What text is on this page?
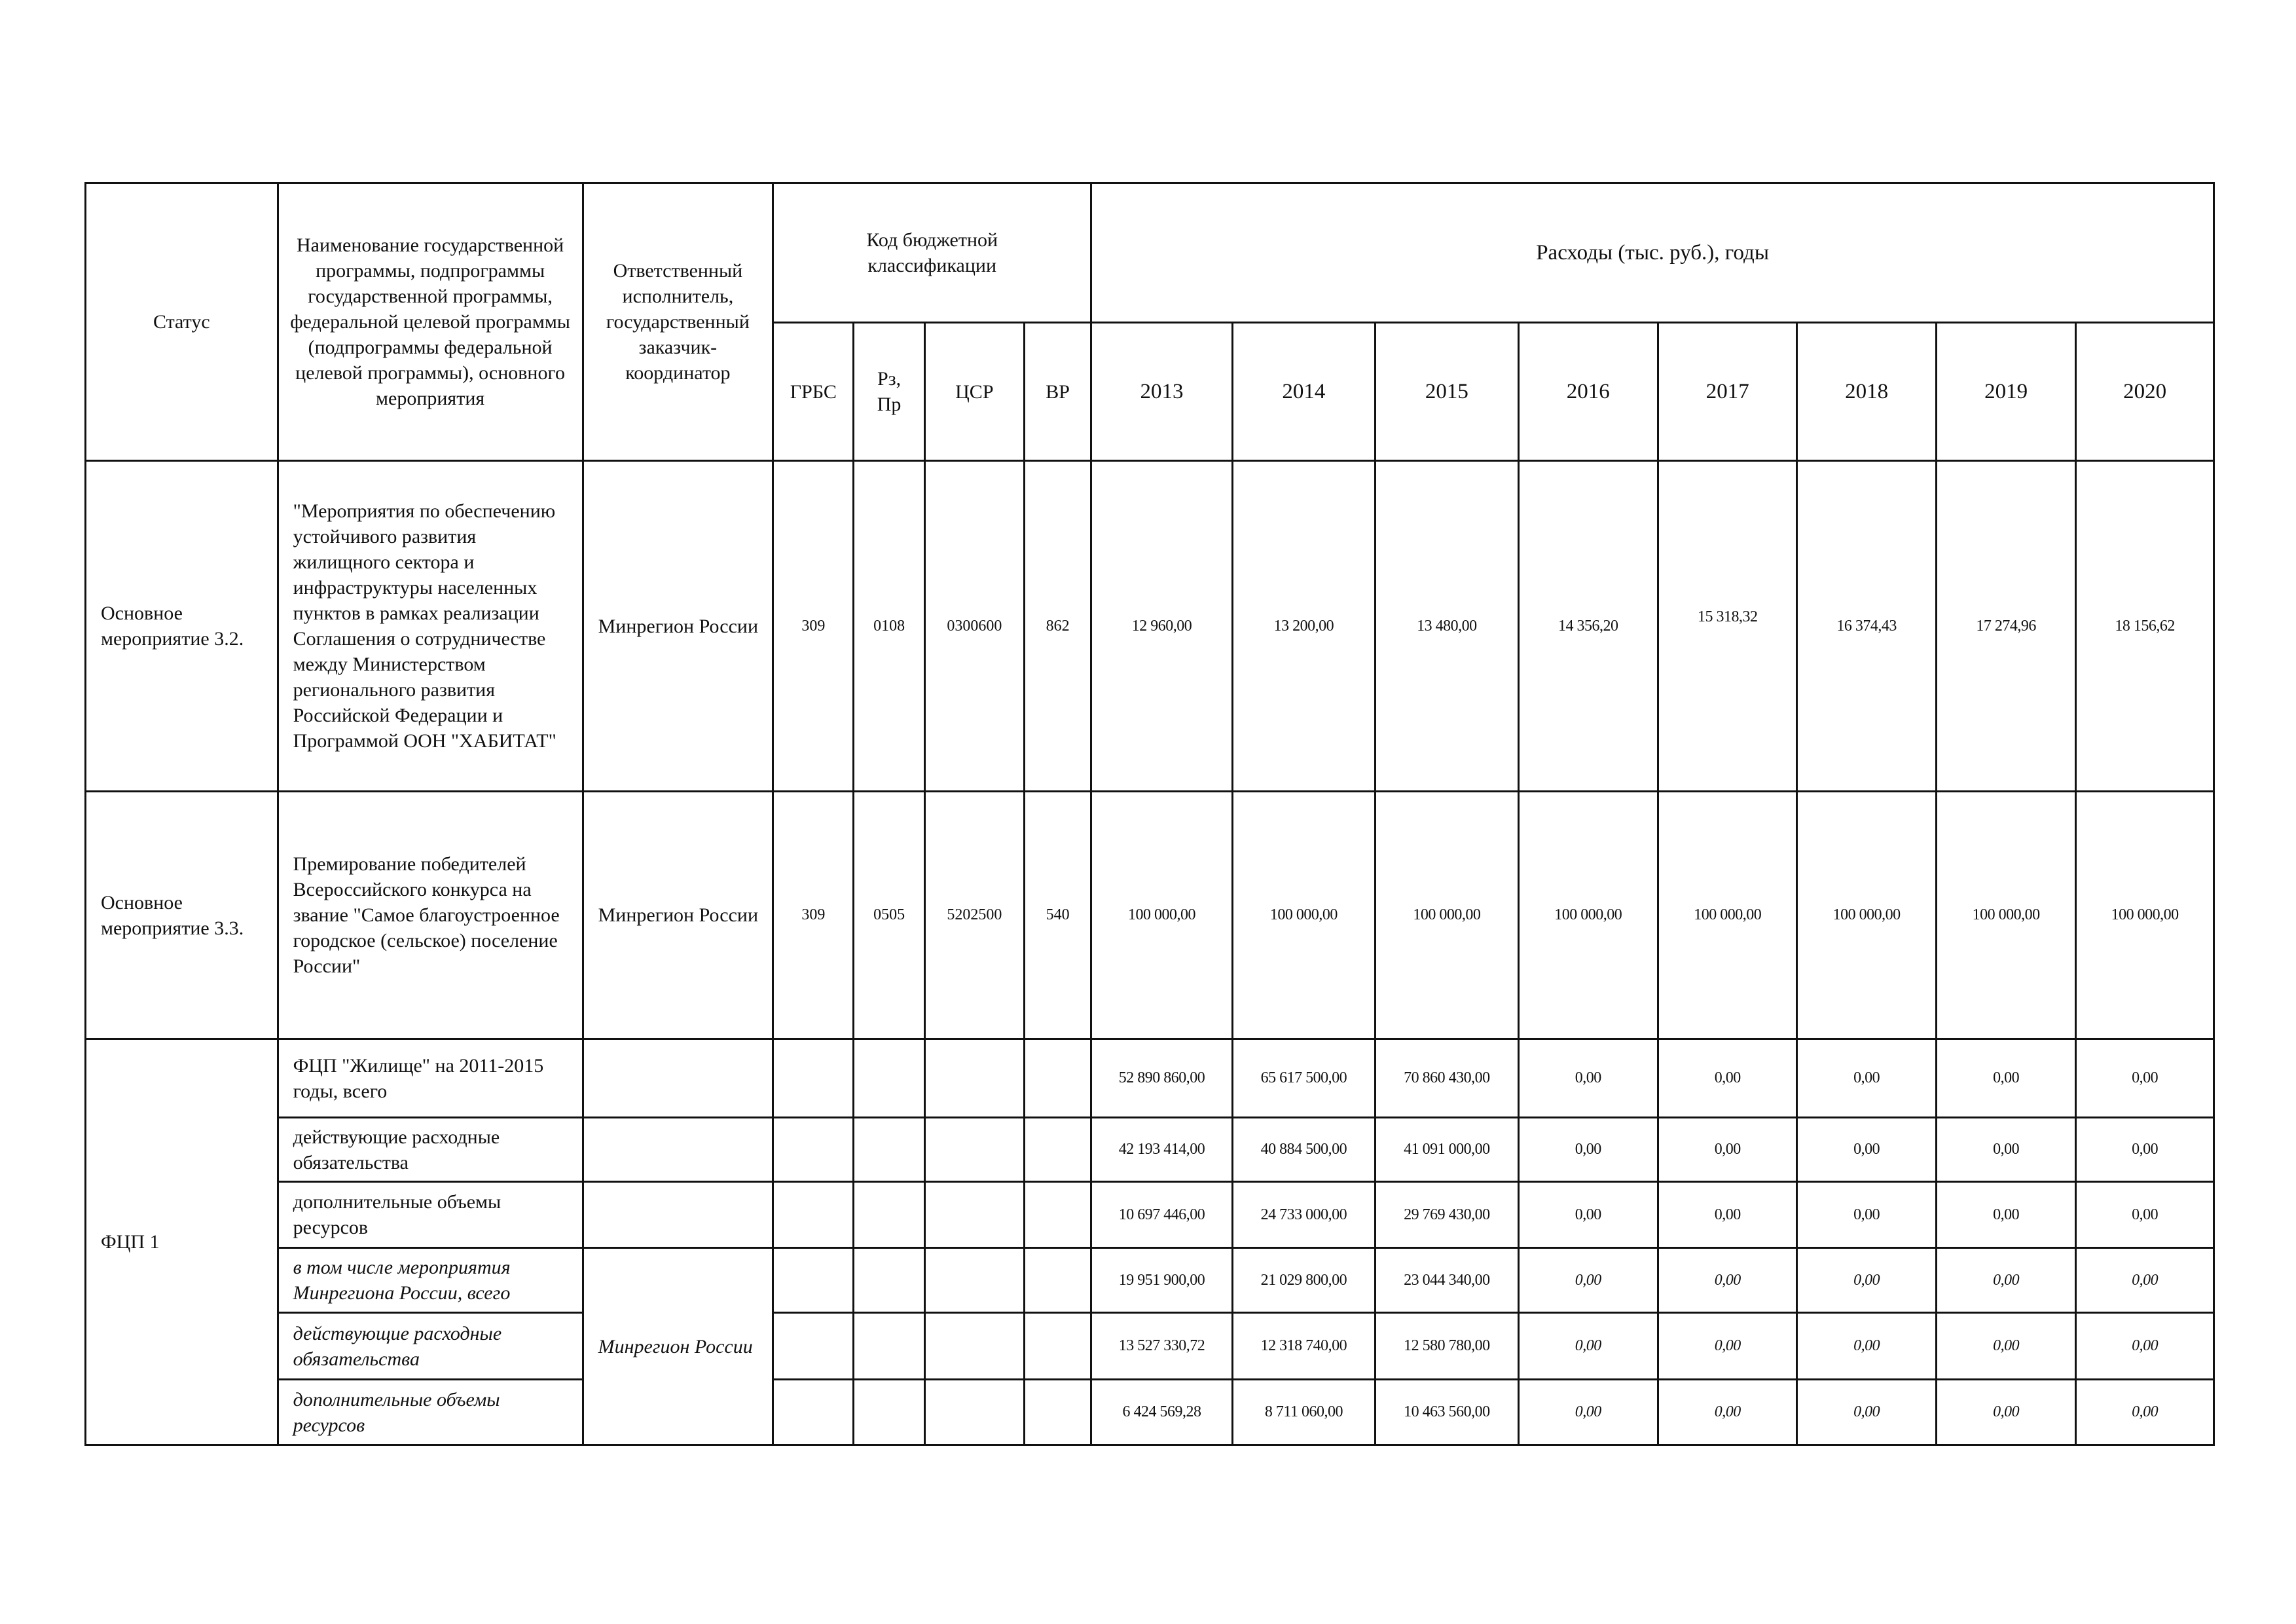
Статус	Наименование государственной программы, подпрограммы государственной программы, федеральной целевой программы (подпрограммы федеральной целевой программы), основного мероприятия	Ответственный исполнитель, государственный заказчик-координатор	Код бюджетной классификации				Расходы (тыс. руб.), годы							
			ГРБС	Рз, Пр	ЦСР	ВР	2013	2014	2015	2016	2017	2018	2019	2020
Основное мероприятие 3.2.	"Мероприятия по обеспечению устойчивого развития жилищного сектора и инфраструктуры населенных пунктов в рамках реализации Соглашения о сотрудничестве между Министерством регионального развития Российской Федерации и Программой ООН "ХАБИТАТ"	Минрегион России	309	0108	0300600	862	12 960,00	13 200,00	13 480,00	14 356,20	15 318,32	16 374,43	17 274,96	18 156,62
Основное мероприятие 3.3.	Премирование победителей Всероссийского конкурса на звание "Самое благоустроенное городское (сельское) поселение России"	Минрегион России	309	0505	5202500	540	100 000,00	100 000,00	100 000,00	100 000,00	100 000,00	100 000,00	100 000,00	100 000,00
ФЦП 1	ФЦП "Жилище" на 2011-2015 годы, всего						52 890 860,00	65 617 500,00	70 860 430,00	0,00	0,00	0,00	0,00	0,00
	действующие расходные обязательства						42 193 414,00	40 884 500,00	41 091 000,00	0,00	0,00	0,00	0,00	0,00
	дополнительные объемы ресурсов						10 697 446,00	24 733 000,00	29 769 430,00	0,00	0,00	0,00	0,00	0,00
	в том числе мероприятия Минрегиона России, всего	Минрегион России					19 951 900,00	21 029 800,00	23 044 340,00	0,00	0,00	0,00	0,00	0,00
	действующие расходные обязательства						13 527 330,72	12 318 740,00	12 580 780,00	0,00	0,00	0,00	0,00	0,00
	дополнительные объемы ресурсов						6 424 569,28	8 711 060,00	10 463 560,00	0,00	0,00	0,00	0,00	0,00
